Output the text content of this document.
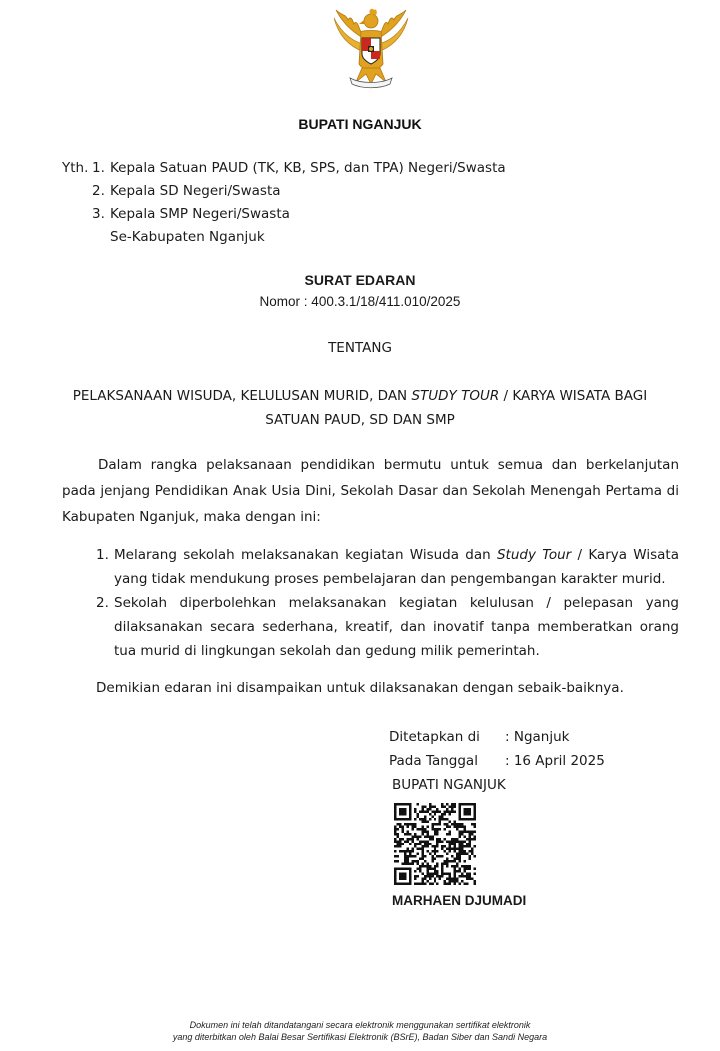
BUPATI NGANJUK
Yth. 1. Kepala Satuan PAUD (TK, KB, SPS, dan TPA) Negeri/Swasta
2. Kepala SD Negeri/Swasta
3. Kepala SMP Negeri/Swasta
Se-Kabupaten Nganjuk
SURAT EDARAN
Nomor : 400.3.1/18/411.010/2025
TENTANG
PELAKSANAAN WISUDA, KELULUSAN MURID, DAN STUDY TOUR / KARYA WISATA BAGI
SATUAN PAUD, SD DAN SMP
Dalam rangka pelaksanaan pendidikan bermutu untuk semua dan berkelanjutan pada jenjang Pendidikan Anak Usia Dini, Sekolah Dasar dan Sekolah Menengah Pertama di Kabupaten Nganjuk, maka dengan ini:
1. Melarang sekolah melaksanakan kegiatan Wisuda dan Study Tour / Karya Wisata yang tidak mendukung proses pembelajaran dan pengembangan karakter murid.
2. Sekolah diperbolehkan melaksanakan kegiatan kelulusan / pelepasan yang dilaksanakan secara sederhana, kreatif, dan inovatif tanpa memberatkan orang tua murid di lingkungan sekolah dan gedung milik pemerintah.
Demikian edaran ini disampaikan untuk dilaksanakan dengan sebaik-baiknya.
Ditetapkan di	: Nganjuk
Pada Tanggal	: 16 April 2025
BUPATI NGANJUK
MARHAEN DJUMADI
Dokumen ini telah ditandatangani secara elektronik menggunakan sertifikat elektronik
yang diterbitkan oleh Balai Besar Sertifikasi Elektronik (BSrE), Badan Siber dan Sandi Negara
